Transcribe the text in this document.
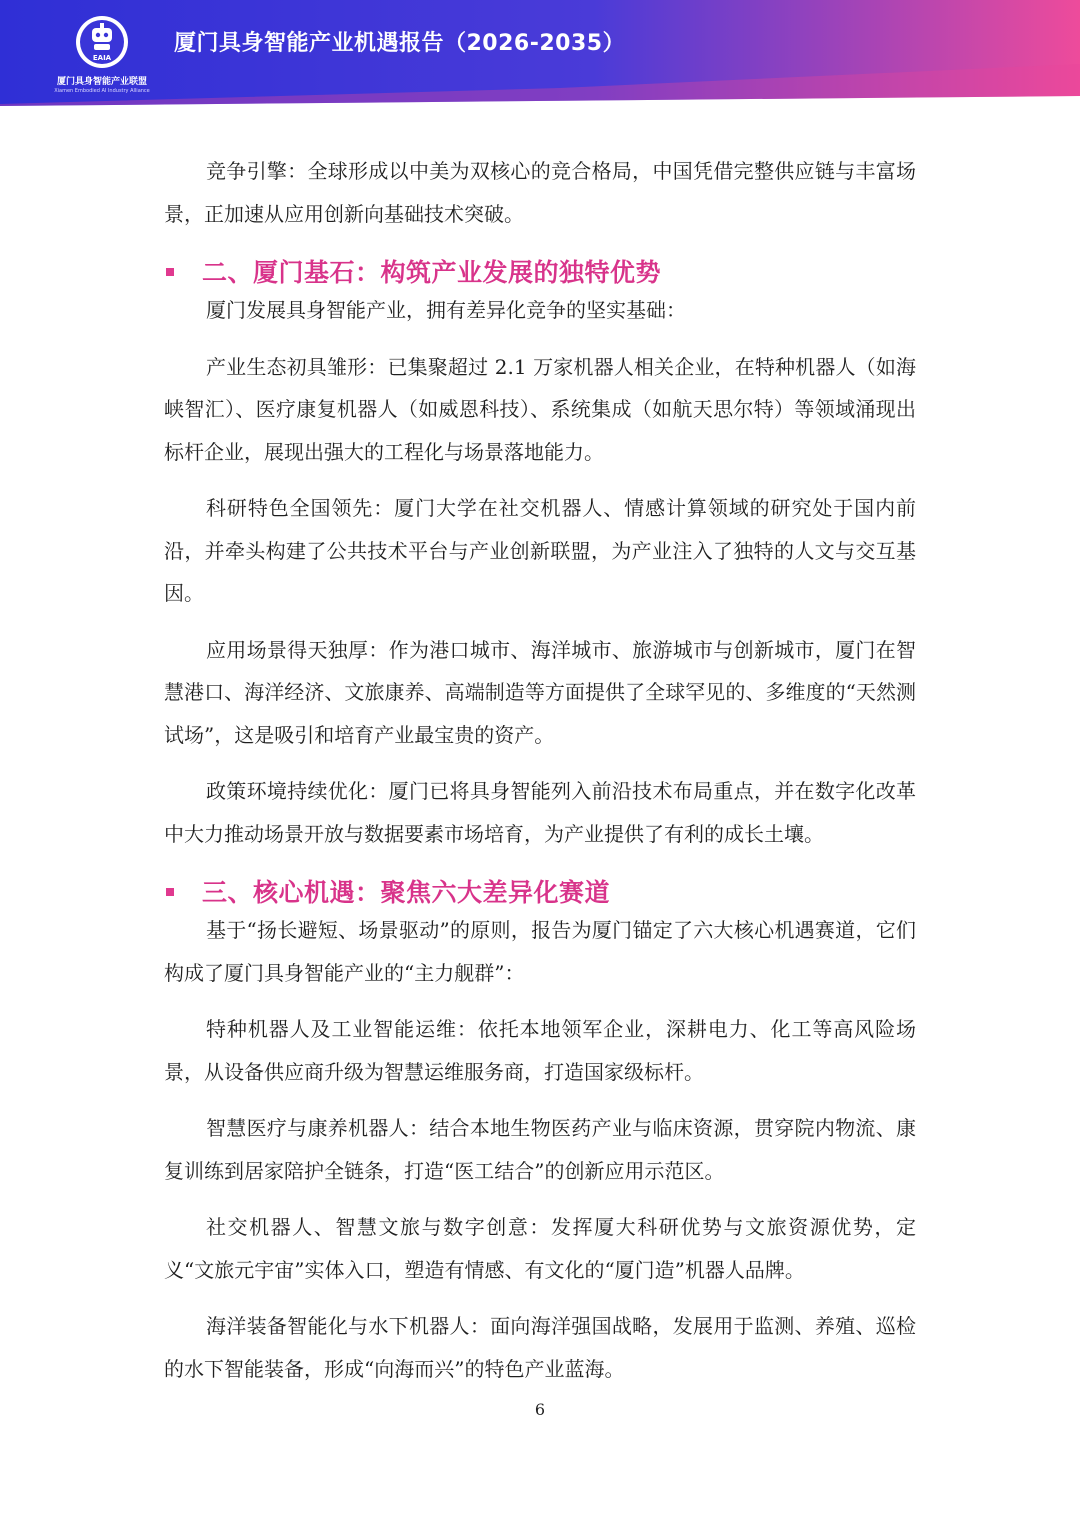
EAIA
厦门具身智能产业联盟
Xiamen Embodied AI Industry Alliance
厦门具身智能产业机遇报告（2026-2035）

竞争引擎：全球形成以中美为双核心的竞合格局，中国凭借完整供应链与丰富场景，正加速从应用创新向基础技术突破。

二、厦门基石：构筑产业发展的独特优势

厦门发展具身智能产业，拥有差异化竞争的坚实基础：

产业生态初具雏形：已集聚超过 2.1 万家机器人相关企业，在特种机器人（如海峡智汇）、医疗康复机器人（如威恩科技）、系统集成（如航天思尔特）等领域涌现出标杆企业，展现出强大的工程化与场景落地能力。

科研特色全国领先：厦门大学在社交机器人、情感计算领域的研究处于国内前沿，并牵头构建了公共技术平台与产业创新联盟，为产业注入了独特的人文与交互基因。

应用场景得天独厚：作为港口城市、海洋城市、旅游城市与创新城市，厦门在智慧港口、海洋经济、文旅康养、高端制造等方面提供了全球罕见的、多维度的“天然测试场”，这是吸引和培育产业最宝贵的资产。

政策环境持续优化：厦门已将具身智能列入前沿技术布局重点，并在数字化改革中大力推动场景开放与数据要素市场培育，为产业提供了有利的成长土壤。

三、核心机遇：聚焦六大差异化赛道

基于“扬长避短、场景驱动”的原则，报告为厦门锚定了六大核心机遇赛道，它们构成了厦门具身智能产业的“主力舰群”：

特种机器人及工业智能运维：依托本地领军企业，深耕电力、化工等高风险场景，从设备供应商升级为智慧运维服务商，打造国家级标杆。

智慧医疗与康养机器人：结合本地生物医药产业与临床资源，贯穿院内物流、康复训练到居家陪护全链条，打造“医工结合”的创新应用示范区。

社交机器人、智慧文旅与数字创意：发挥厦大科研优势与文旅资源优势，定义“文旅元宇宙”实体入口，塑造有情感、有文化的“厦门造”机器人品牌。

海洋装备智能化与水下机器人：面向海洋强国战略，发展用于监测、养殖、巡检的水下智能装备，形成“向海而兴”的特色产业蓝海。

6
